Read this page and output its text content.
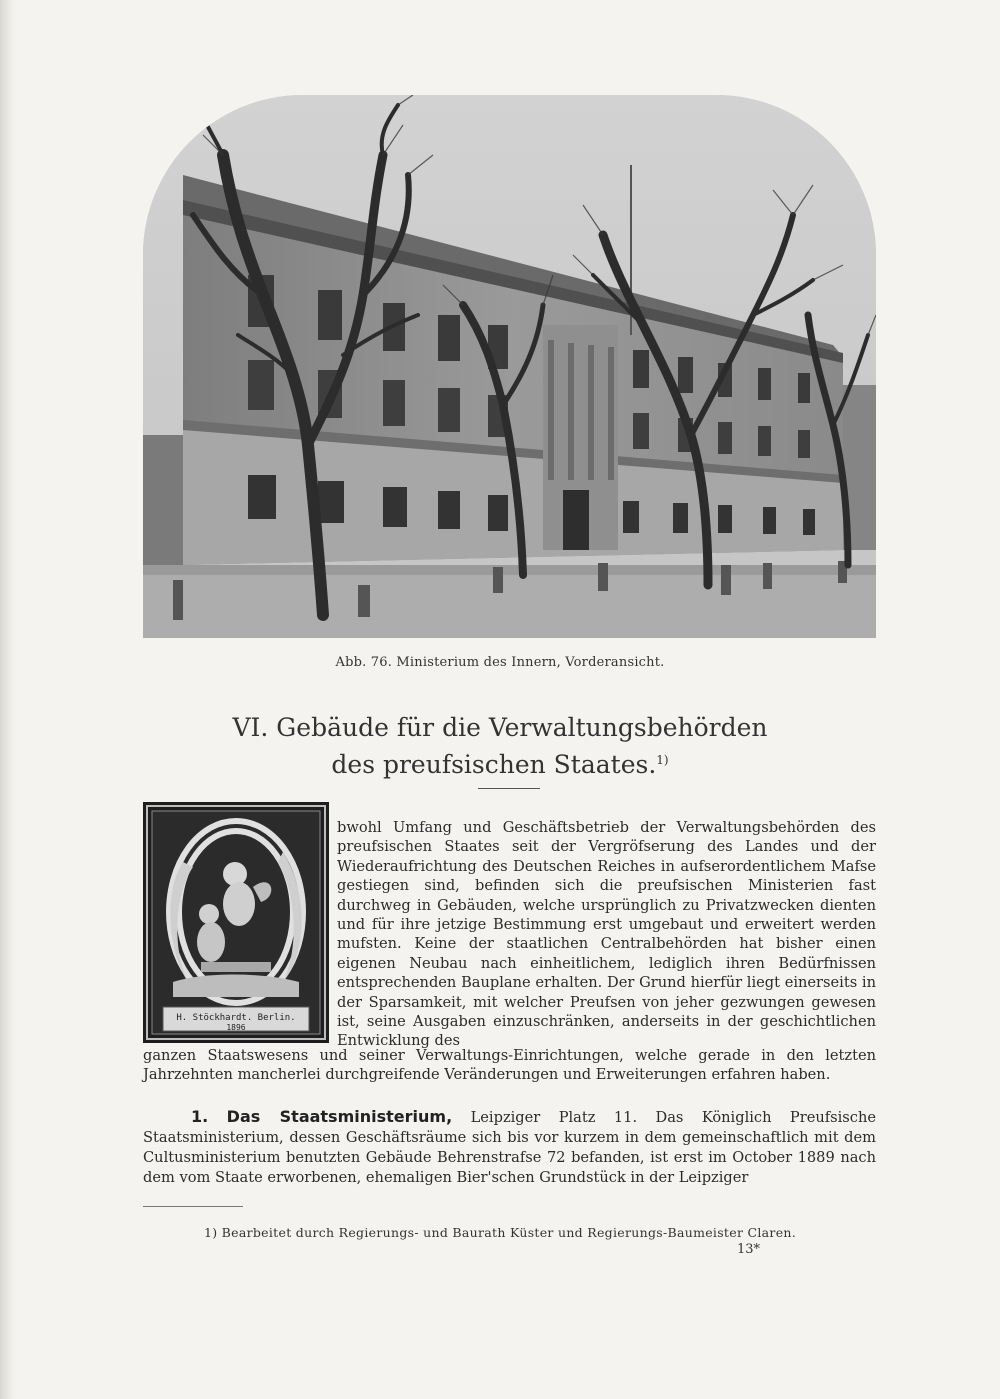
Abb. 76. Ministerium des Innern, Vorderansicht.
VI. Gebäude für die Verwaltungsbehörden
des preufsischen Staates.$^{1)}$
H. Stöckhardt. Berlin.
1896
bwohl Umfang und Geschäftsbetrieb der Verwaltungsbehörden des preufsischen Staates seit der Vergröfserung des Landes und der Wiederaufrichtung des Deutschen Reiches in aufserordentlichem Mafse gestiegen sind, befinden sich die preufsischen Ministerien fast durchweg in Gebäuden, welche ursprünglich zu Privatzwecken dienten und für ihre jetzige Bestimmung erst umgebaut und erweitert werden mufsten. Keine der staatlichen Centralbehörden hat bisher einen eigenen Neubau nach einheitlichem, lediglich ihren Bedürfnissen entsprechenden Bauplane erhalten. Der Grund hierfür liegt einerseits in der Sparsamkeit, mit welcher Preufsen von jeher gezwungen gewesen ist, seine Ausgaben einzuschränken, anderseits in der geschichtlichen Entwicklung des
ganzen Staatswesens und seiner Verwaltungs-Einrichtungen, welche gerade in den letzten Jahrzehnten mancherlei durchgreifende Veränderungen und Erweiterungen erfahren haben.
1. Das Staatsministerium, Leipziger Platz 11. Das Königlich Preufsische Staatsministerium, dessen Geschäftsräume sich bis vor kurzem in dem gemeinschaftlich mit dem Cultusministerium benutzten Gebäude Behrenstrafse 72 befanden, ist erst im October 1889 nach dem vom Staate erworbenen, ehemaligen Bier'schen Grundstück in der Leipziger
1) Bearbeitet durch Regierungs- und Baurath Küster und Regierungs-Baumeister Claren.
13*
